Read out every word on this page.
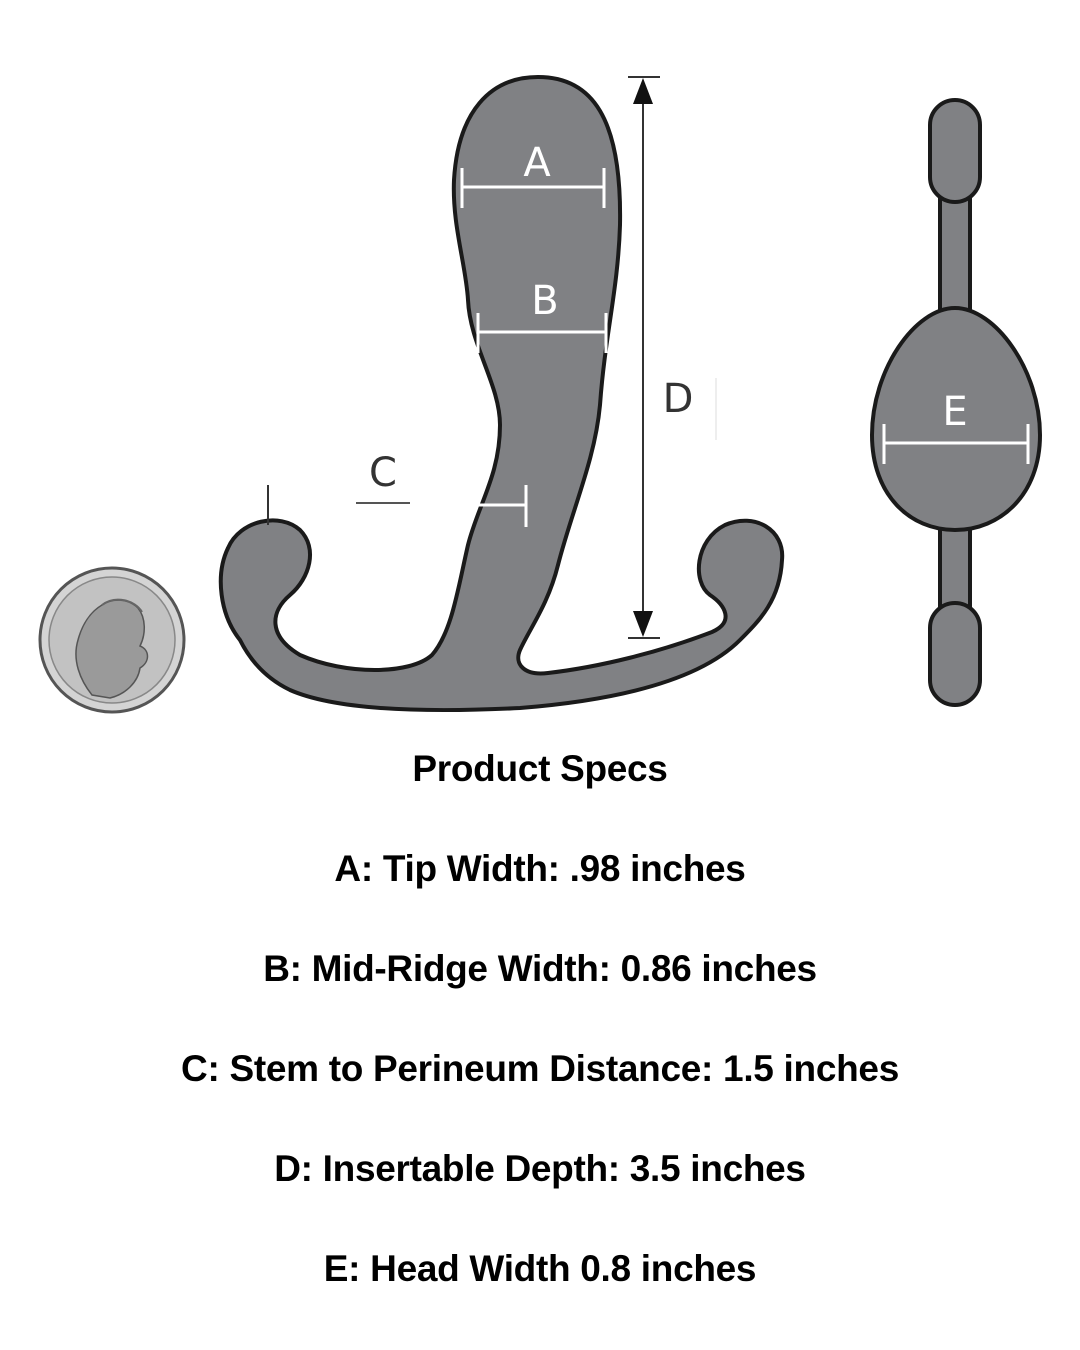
A
B
C
D	E
Product Specs
A: Tip Width: .98 inches
B: Mid-Ridge Width: 0.86 inches
C: Stem to Perineum Distance: 1.5 inches
D: Insertable Depth: 3.5 inches
E: Head Width 0.8 inches
